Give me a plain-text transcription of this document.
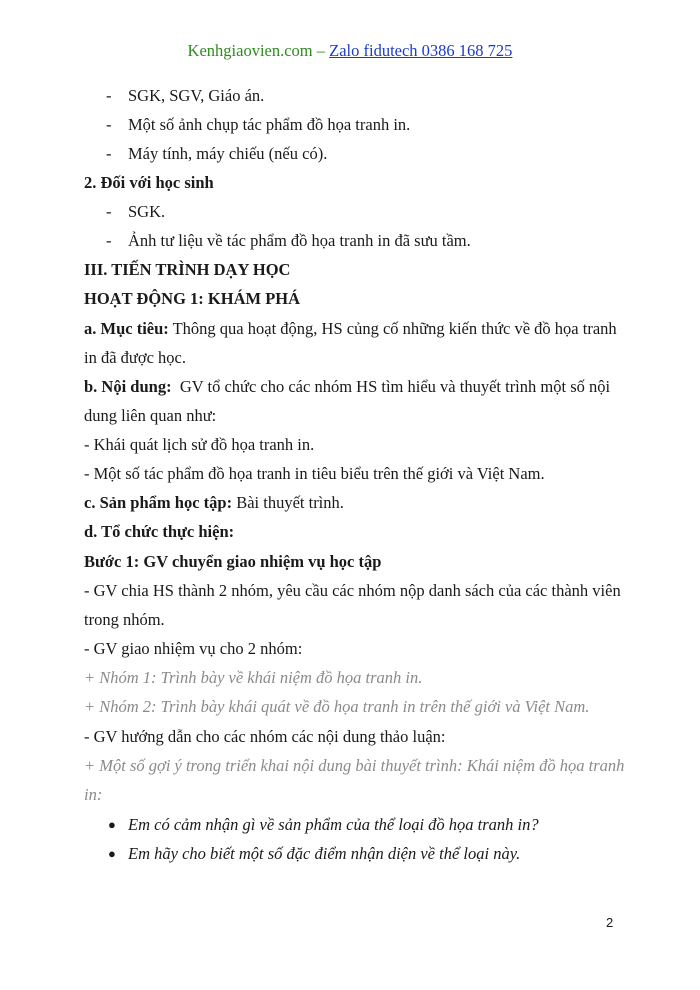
Kenhgiaovien.com – Zalo fidutech 0386 168 725
- SGK, SGV, Giáo án.
- Một số ảnh chụp tác phẩm đồ họa tranh in.
- Máy tính, máy chiếu (nếu có).
2. Đối với học sinh
- SGK.
- Ảnh tư liệu về tác phẩm đồ họa tranh in đã sưu tầm.
III. TIẾN TRÌNH DẠY HỌC
HOẠT ĐỘNG 1: KHÁM PHÁ
a. Mục tiêu: Thông qua hoạt động, HS củng cố những kiến thức về đồ họa tranh
in đã được học.
b. Nội dung:  GV tổ chức cho các nhóm HS tìm hiểu và thuyết trình một số nội
dung liên quan như:
- Khái quát lịch sử đồ họa tranh in.
- Một số tác phẩm đồ họa tranh in tiêu biểu trên thế giới và Việt Nam.
c. Sản phẩm học tập: Bài thuyết trình.
d. Tổ chức thực hiện:
Bước 1: GV chuyển giao nhiệm vụ học tập
- GV chia HS thành 2 nhóm, yêu cầu các nhóm nộp danh sách của các thành viên
trong nhóm.
- GV giao nhiệm vụ cho 2 nhóm:
+ Nhóm 1: Trình bày về khái niệm đồ họa tranh in.
+ Nhóm 2: Trình bày khái quát về đồ họa tranh in trên thế giới và Việt Nam.
- GV hướng dẫn cho các nhóm các nội dung thảo luận:
+ Một số gợi ý trong triển khai nội dung bài thuyết trình: Khái niệm đồ họa tranh
in:
● Em có cảm nhận gì về sản phẩm của thể loại đồ họa tranh in?
● Em hãy cho biết một số đặc điểm nhận diện về thể loại này.
2
